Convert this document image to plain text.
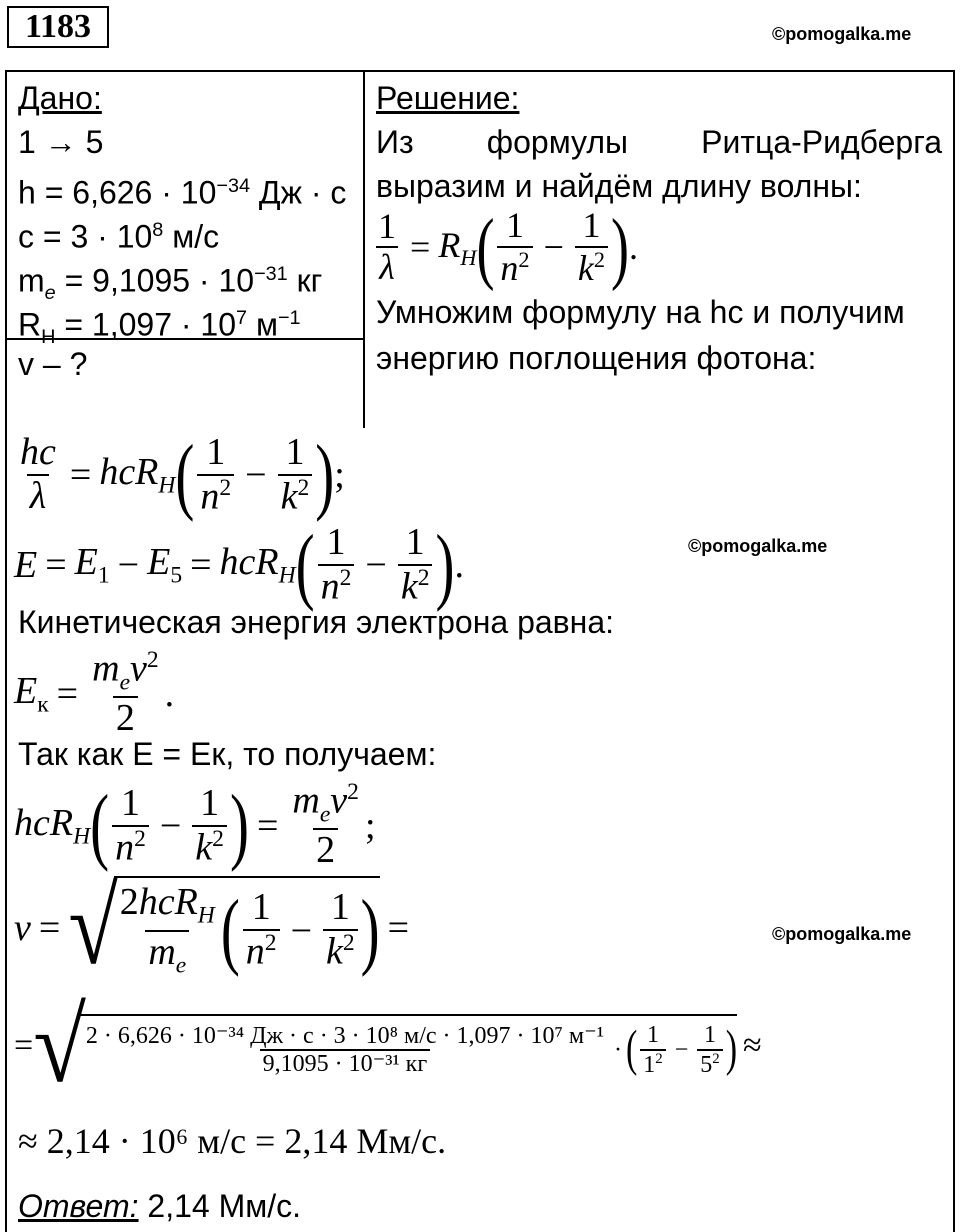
1183	©pomogalka.me
Дано:
1 → 5
$h = 6,626 \cdot 10^{-34}$ Дж · с
$c = 3 \cdot 10^8$ м/с
$m_e = 9,1095 \cdot 10^{-31}$ кг
$R_H = 1,097 \cdot 10^7$ $м^{-1}$
v – ?
Решение:
Из формулы Ритца-Ридберга
выразим и найдём длину волны:
$\frac{1}{\lambda} = R_H$ ( $\frac{1}{n^2} - \frac{1}{k^2}$ ) .
Умножим формулу на hc и получим
энергию поглощения фотона:
$\frac{hc}{\lambda} = hcR_H$ ( $\frac{1}{n^2} - \frac{1}{k^2}$ ) ;
$E = E_1 - E_5 = hcR_H$ ( $\frac{1}{n^2} - \frac{1}{k^2}$ ) .	©pomogalka.me
Кинетическая энергия электрона равна:
$E_к = \frac{m_ev^2}{2}$ .
Так как E = Eк, то получаем:
hcR$_H$ ( $\frac{1}{n^2} - \frac{1}{k^2}$ ) = $\frac{m_ev^2}{2}$ ;
v = √ $\frac{2hcR_H}{m_e}$ ( $\frac{1}{n^2} - \frac{1}{k^2}$ ) =	©pomogalka.me
= √
$\frac{\text{2 · 6,626 · 10⁻³⁴ Дж · с · 3 · 10⁸ м/с · 1,097 · 10⁷ м⁻¹}}{\text{9,1095 · 10⁻³¹ кг}}$ · ( $\frac{1}{1^2} - \frac{1}{5^2}$ ) ≈
≈ 2,14 · 10⁶ м/с = 2,14 Мм/с.
Ответ: 2,14 Мм/с.
